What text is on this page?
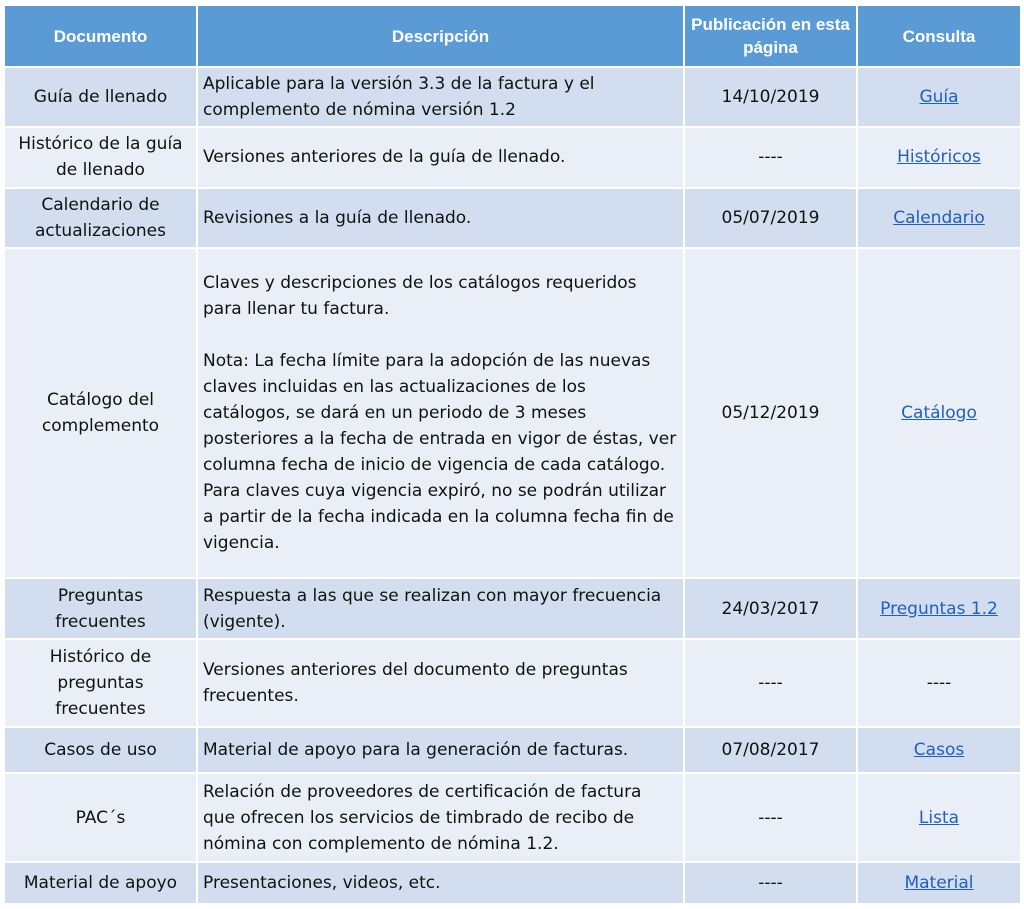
Documento	Descripción	Publicación en esta página	Consulta
Guía de llenado	Aplicable para la versión 3.3 de la factura y el complemento de nómina versión 1.2	14/10/2019	Guía
Histórico de la guía de llenado	Versiones anteriores de la guía de llenado.	----	Históricos
Calendario de actualizaciones	Revisiones a la guía de llenado.	05/07/2019	Calendario
Catálogo del complemento	Claves y descripciones de los catálogos requeridos para llenar tu factura.
Nota: La fecha límite para la adopción de las nuevas claves incluidas en las actualizaciones de los catálogos, se dará en un periodo de 3 meses posteriores a la fecha de entrada en vigor de éstas, ver columna fecha de inicio de vigencia de cada catálogo.
Para claves cuya vigencia expiró, no se podrán utilizar a partir de la fecha indicada en la columna fecha fin de vigencia.	05/12/2019	Catálogo
Preguntas frecuentes	Respuesta a las que se realizan con mayor frecuencia (vigente).	24/03/2017	Preguntas 1.2
Histórico de preguntas frecuentes	Versiones anteriores del documento de preguntas frecuentes.	----	----
Casos de uso	Material de apoyo para la generación de facturas.	07/08/2017	Casos
PAC´s	Relación de proveedores de certificación de factura que ofrecen los servicios de timbrado de recibo de nómina con complemento de nómina 1.2.	----	Lista
Material de apoyo	Presentaciones, videos, etc.	----	Material
